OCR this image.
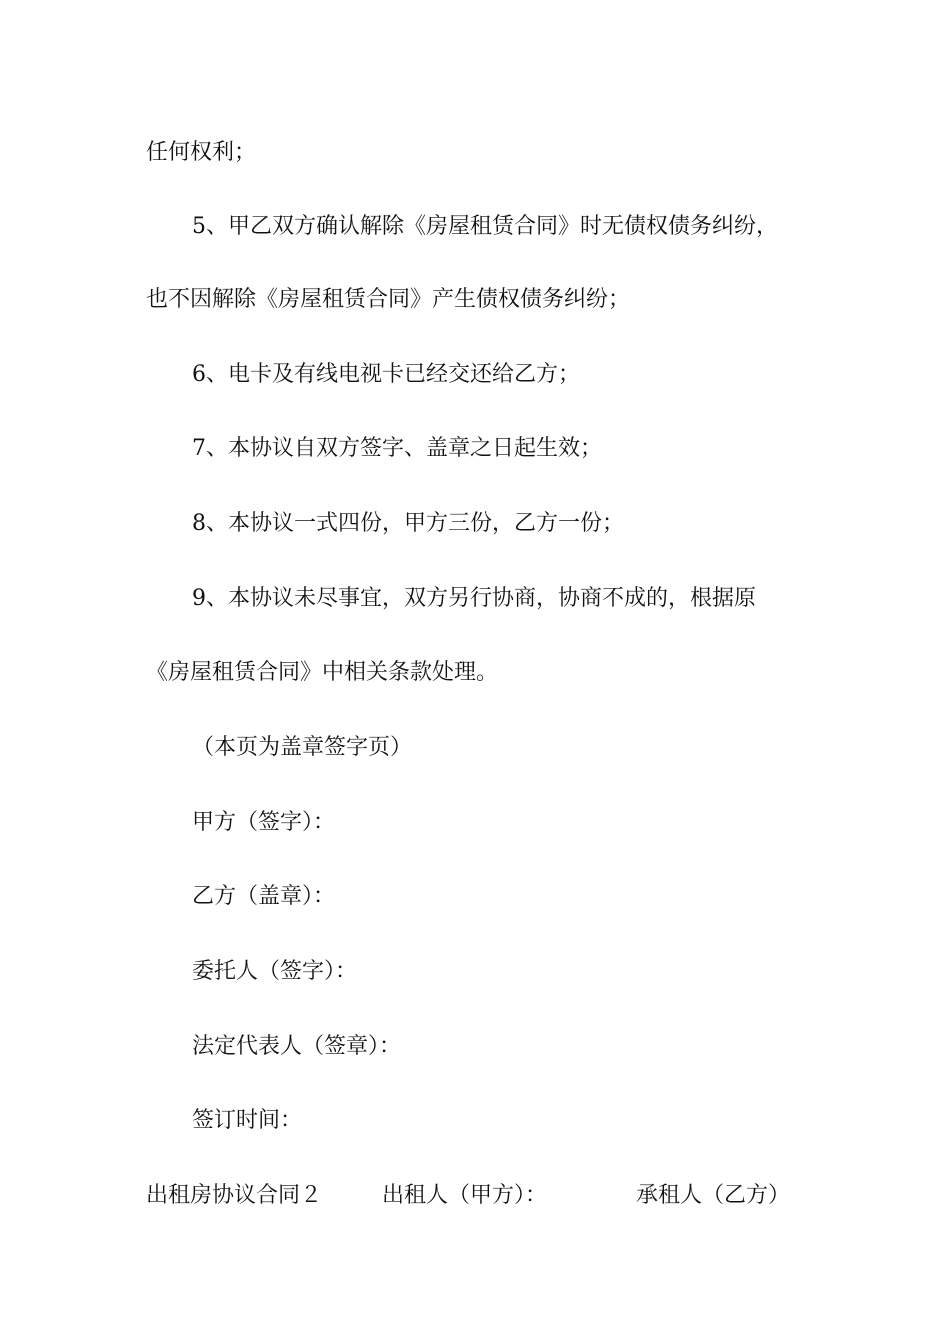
任何权利；
5、甲乙双方确认解除《房屋租赁合同》时无债权债务纠纷，
也不因解除《房屋租赁合同》产生债权债务纠纷；
6、电卡及有线电视卡已经交还给乙方；
7、本协议自双方签字、盖章之日起生效；
8、本协议一式四份，甲方三份，乙方一份；
9、本协议未尽事宜，双方另行协商，协商不成的，根据原
《房屋租赁合同》中相关条款处理。
（本页为盖章签字页）
甲方（签字）：
乙方（盖章）：
委托人（签字）：
法定代表人（签章）：
签订时间：
出租房协议合同２	出租人（甲方）：	承租人（乙方）
